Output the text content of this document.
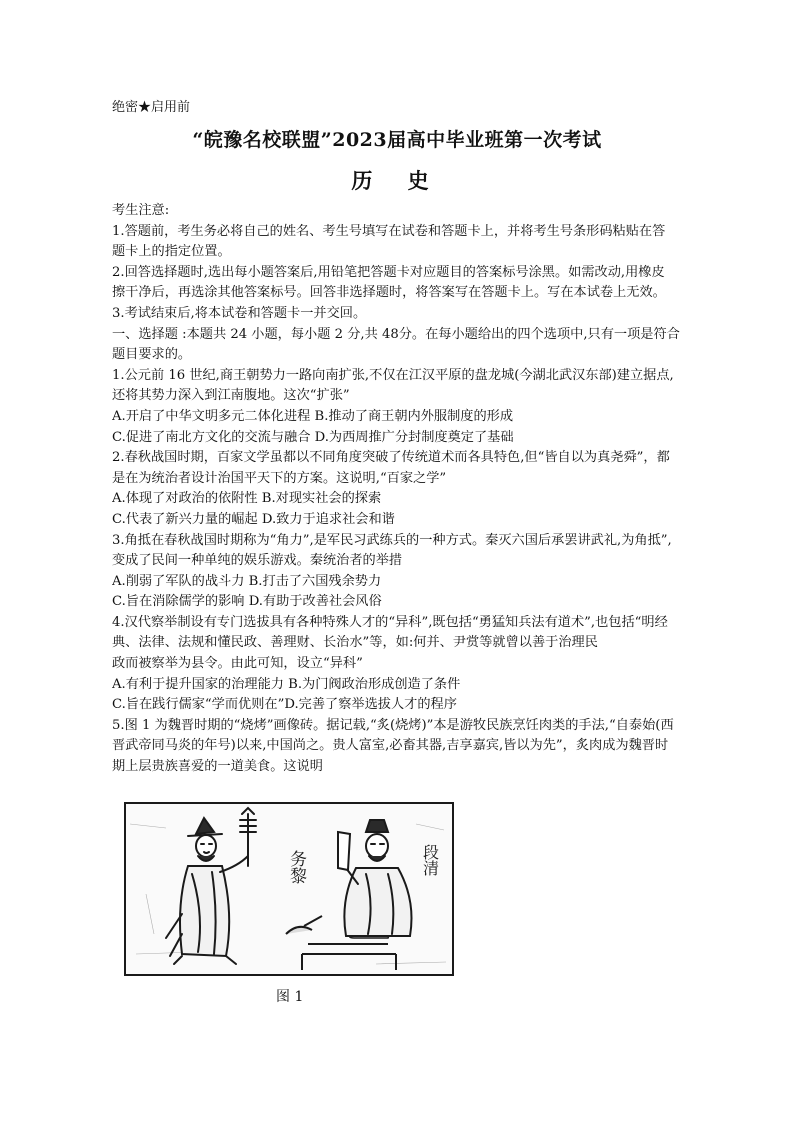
绝密★启用前
“皖豫名校联盟”2023届高中毕业班第一次考试
历 史
考生注意:
1.答题前，考生务必将自己的姓名、考生号填写在试卷和答题卡上，并将考生号条形码粘贴在答
题卡上的指定位置。
2.回答选择题时,选出每小题答案后,用铅笔把答题卡对应题目的答案标号涂黑。如需改动,用橡皮
擦干净后，再选涂其他答案标号。回答非选择题时，将答案写在答题卡上。写在本试卷上无效。
3.考试结束后,将本试卷和答题卡一并交回。
一、选择题 :本题共 24 小题，每小题 2 分,共 48分。在每小题给出的四个选项中,只有一项是符合
题目要求的。
1.公元前 16 世纪,商王朝势力一路向南扩张,不仅在江汉平原的盘龙城(今湖北武汉东部)建立据点,
还将其势力深入到江南腹地。这次“扩张”
A.开启了中华文明多元二体化进程 B.推动了商王朝内外服制度的形成
C.促进了南北方文化的交流与融合 D.为西周推广分封制度奠定了基础
2.春秋战国时期，百家文学虽都以不同角度突破了传统道术而各具特色,但“皆自以为真尧舜”，都
是在为统治者设计治国平天下的方案。这说明,“百家之学”
A.体现了对政治的依附性 B.对现实社会的探索
C.代表了新兴力量的崛起 D.致力于追求社会和谐
3.角抵在春秋战国时期称为“角力”,是军民习武练兵的一种方式。秦灭六国后承罢讲武礼,为角抵”,
变成了民间一种单纯的娱乐游戏。秦统治者的举措
A.削弱了军队的战斗力 B.打击了六国残余势力
C.旨在消除儒学的影响 D.有助于改善社会风俗
4.汉代察举制设有专门选拔具有各种特殊人才的“异科”,既包括“勇猛知兵法有道术”,也包括“明经
典、法律、法规和懂民政、善理财、长治水”等，如:何并、尹赏等就曾以善于治理民
政而被察举为县令。由此可知，设立“异科”
A.有利于提升国家的治理能力 B.为门阀政治形成创造了条件
C.旨在践行儒家“学而优则在”D.完善了察举选拔人才的程序
5.图 1 为魏晋时期的“烧烤”画像砖。据记载,“炙(烧烤)”本是游牧民族烹饪肉类的手法,“自泰始(西
晋武帝同马炎的年号)以来,中国尚之。贵人富室,必畜其器,吉享嘉宾,皆以为先”，炙肉成为魏晋时
期上层贵族喜爱的一道美食。这说明
务黎	段清
图 1
